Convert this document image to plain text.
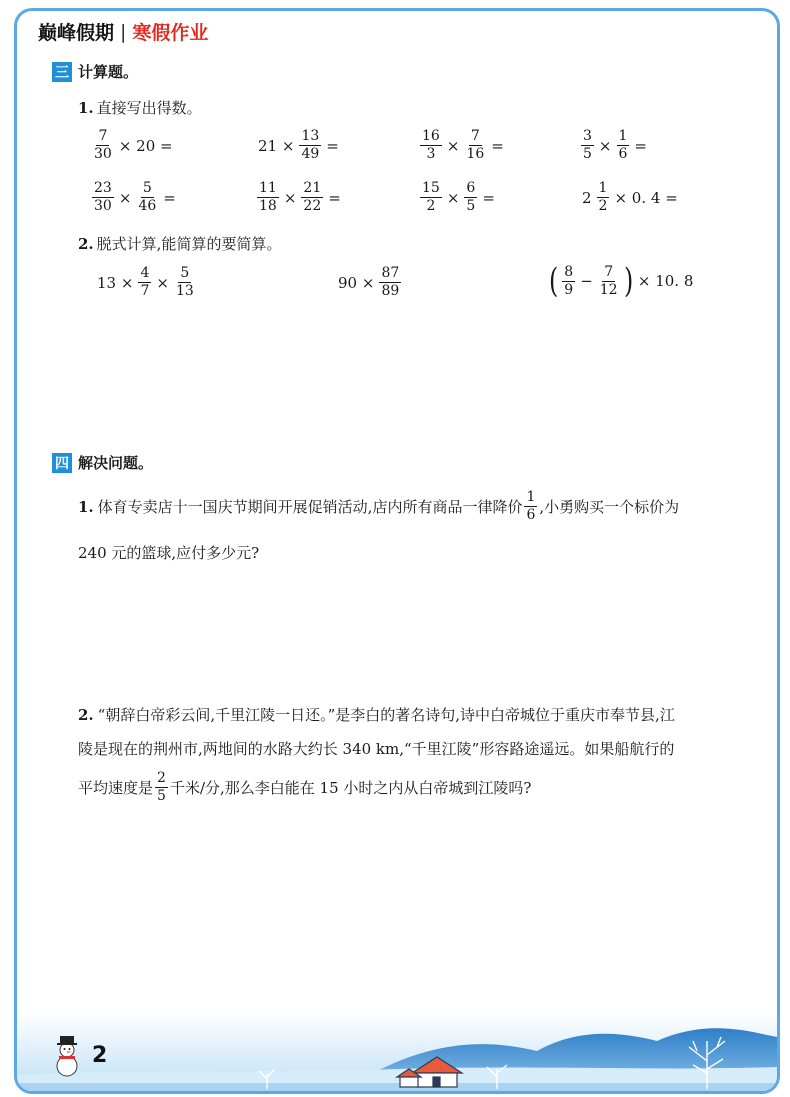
巅峰假期 | 寒假作业
三 计算题。
1. 直接写出得数。
$\frac{7}{30} \times 20$ =	$21 \times \frac{13}{49}$ =	$\frac{16}{3} \times \frac{7}{16}$ =	$\frac{3}{5} \times \frac{1}{6}$ =
$\frac{23}{30} \times \frac{5}{46}$ =	$\frac{11}{18} \times \frac{21}{22}$ =	$\frac{15}{2} \times \frac{6}{5}$ =	$2 \frac{1}{2} \times 0$. 4 =
2. 脱式计算,能简算的要简算。
$13 \times \frac{4}{7} \times \frac{5}{13}$	$90 \times \frac{87}{89}$	( $\frac{8}{9} - \frac{7}{12}$ ) × 10. 8
四 解决问题。
1. 体育专卖店十一国庆节期间开展促销活动,店内所有商品一律降价 $\frac{1}{6}$ ,小勇购买一个标价为
240 元的篮球,应付多少元?
2. “朝辞白帝彩云间,千里江陵一日还。”是李白的著名诗句,诗中白帝城位于重庆市奉节县,江
陵是现在的荆州市,两地间的水路大约长 340 km,“千里江陵”形容路途遥远。如果船航行的
平均速度是 $\frac{2}{5}$ 千米/分,那么李白能在 15 小时之内从白帝城到江陵吗?
2
